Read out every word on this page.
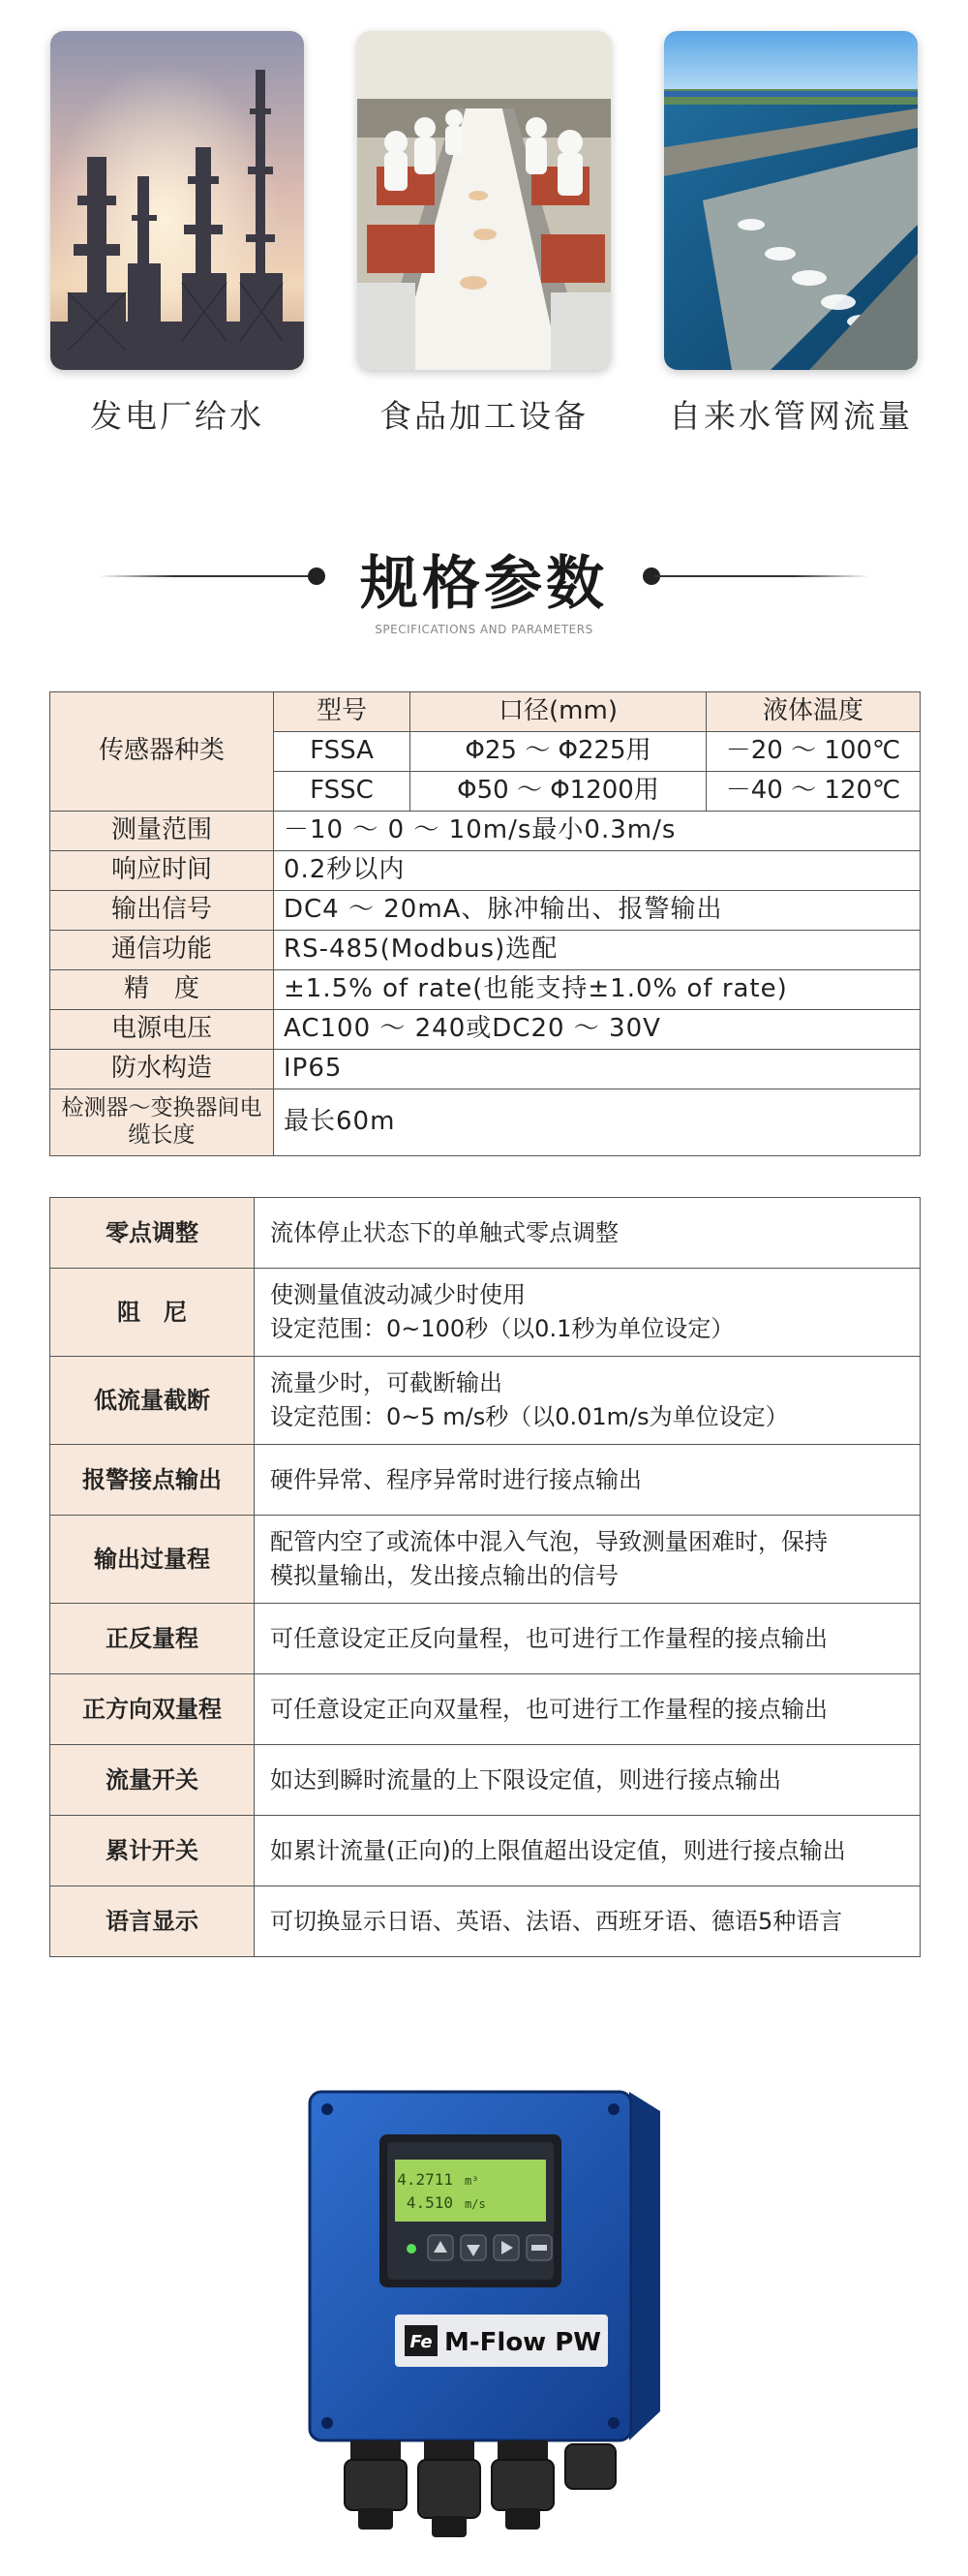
发电厂给水	食品加工设备	自来水管网流量
规格参数
SPECIFICATIONS AND PARAMETERS
传感器种类	型号	口径(mm)	液体温度
	FSSA	Φ25 ～ Φ225用	－20 ～ 100℃
	FSSC	Φ50 ～ Φ1200用	－40 ～ 120℃
测量范围	－10 ～ 0 ～ 10m/s最小0.3m/s		
响应时间	0.2秒以内		
输出信号	DC4 ～ 20mA、脉冲输出、报警输出		
通信功能	RS-485(Modbus)选配		
精　度	±1.5% of rate(也能支持±1.0% of rate)		
电源电压	AC100 ～ 240或DC20 ～ 30V		
防水构造	IP65		
检测器～变换器间电缆长度	最长60m		
零点调整	流体停止状态下的单触式零点调整

阻　尼	使测量值波动减少时使用
设定范围：0~100秒（以0.1秒为单位设定）

低流量截断	流量少时，可截断输出
设定范围：0~5 m/s秒（以0.01m/s为单位设定）

报警接点输出	硬件异常、程序异常时进行接点输出

输出过量程	配管内空了或流体中混入气泡，导致测量困难时，保持
模拟量输出，发出接点输出的信号

正反量程	可任意设定正反向量程，也可进行工作量程的接点输出

正方向双量程	可任意设定正向双量程，也可进行工作量程的接点输出

流量开关	如达到瞬时流量的上下限设定值，则进行接点输出

累计开关	如累计流量(正向)的上限值超出设定值，则进行接点输出

语言显示	可切换显示日语、英语、法语、西班牙语、德语5种语言
4.2711 m³
4.510 m/s
Fe M-Flow PW
